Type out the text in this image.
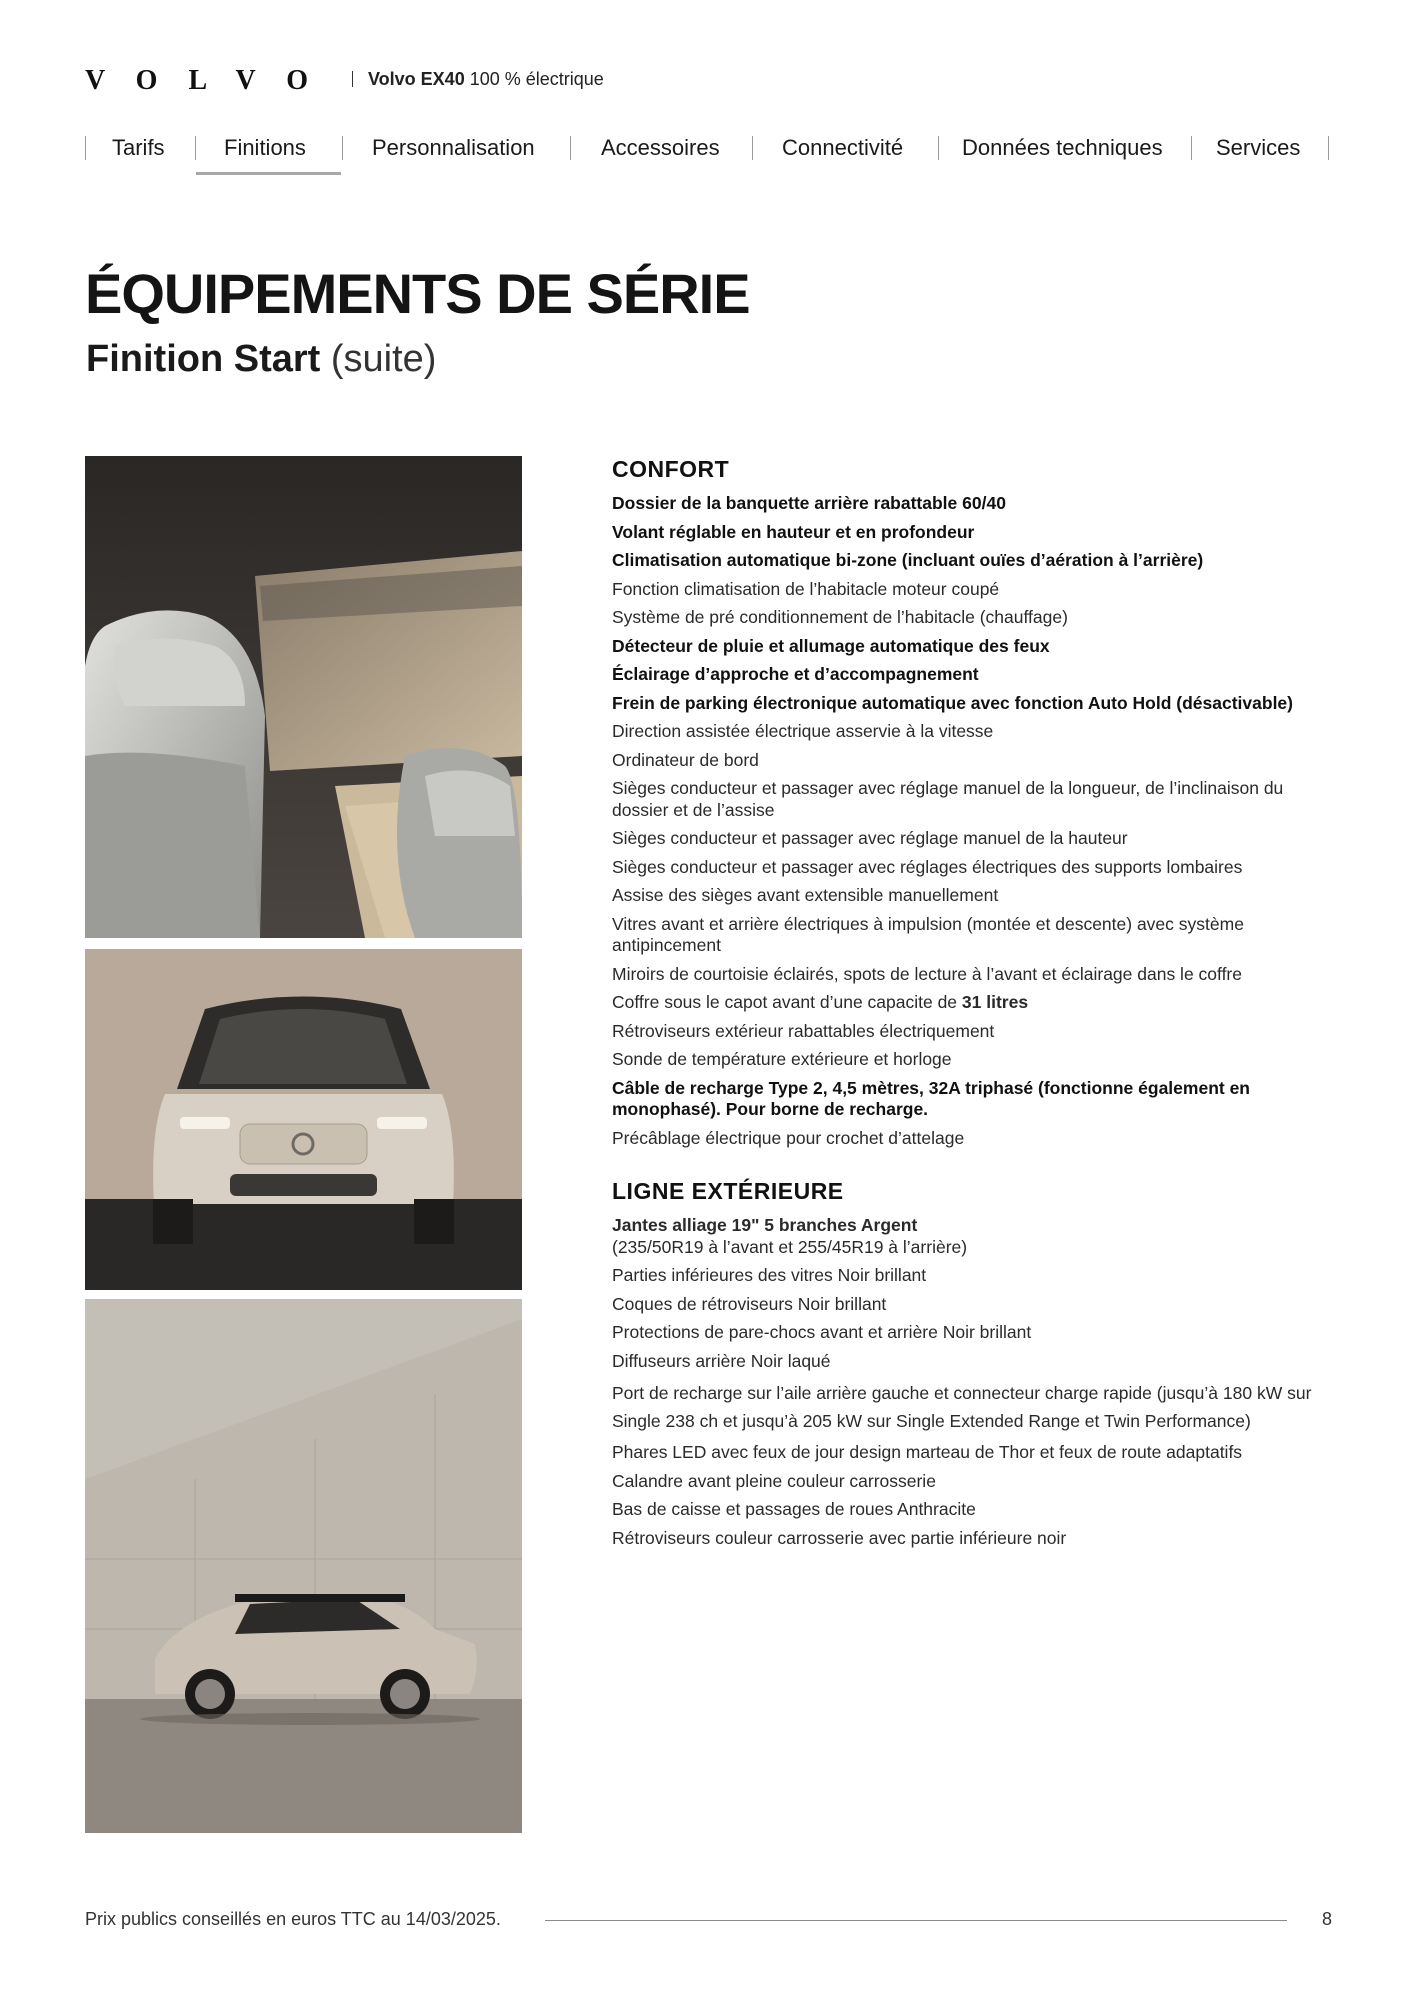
VOLVO Volvo EX40 100 % électrique
Tarifs	Finitions	Personnalisation	Accessoires	Connectivité	Données techniques Services
ÉQUIPEMENTS DE SÉRIE
Finition Start (suite)
CONFORT
Dossier de la banquette arrière rabattable 60/40
Volant réglable en hauteur et en profondeur
Climatisation automatique bi-zone (incluant ouïes d’aération à l’arrière)
Fonction climatisation de l’habitacle moteur coupé
Système de pré conditionnement de l’habitacle (chauffage)
Détecteur de pluie et allumage automatique des feux
Éclairage d’approche et d’accompagnement
Frein de parking électronique automatique avec fonction Auto Hold (désactivable)
Direction assistée électrique asservie à la vitesse
Ordinateur de bord
Sièges conducteur et passager avec réglage manuel de la longueur, de l’inclinaison du dossier et de l’assise
Sièges conducteur et passager avec réglage manuel de la hauteur
Sièges conducteur et passager avec réglages électriques des supports lombaires
Assise des sièges avant extensible manuellement
Vitres avant et arrière électriques à impulsion (montée et descente) avec système antipincement
Miroirs de courtoisie éclairés, spots de lecture à l’avant et éclairage dans le coffre
Coffre sous le capot avant d’une capacite de 31 litres
Rétroviseurs extérieur rabattables électriquement
Sonde de température extérieure et horloge
Câble de recharge Type 2, 4,5 mètres, 32A triphasé (fonctionne également en monophasé). Pour borne de recharge.
Précâblage électrique pour crochet d’attelage
LIGNE EXTÉRIEURE
Jantes alliage 19" 5 branches Argent
(235/50R19 à l’avant et 255/45R19 à l’arrière)
Parties inférieures des vitres Noir brillant
Coques de rétroviseurs Noir brillant
Protections de pare-chocs avant et arrière Noir brillant
Diffuseurs arrière Noir laqué
Port de recharge sur l’aile arrière gauche et connecteur charge rapide (jusqu’à 180 kW sur Single 238 ch et jusqu’à 205 kW sur Single Extended Range et Twin Performance)
Phares LED avec feux de jour design marteau de Thor et feux de route adaptatifs
Calandre avant pleine couleur carrosserie
Bas de caisse et passages de roues Anthracite
Rétroviseurs couleur carrosserie avec partie inférieure noir
Prix publics conseillés en euros TTC au 14/03/2025.	8
